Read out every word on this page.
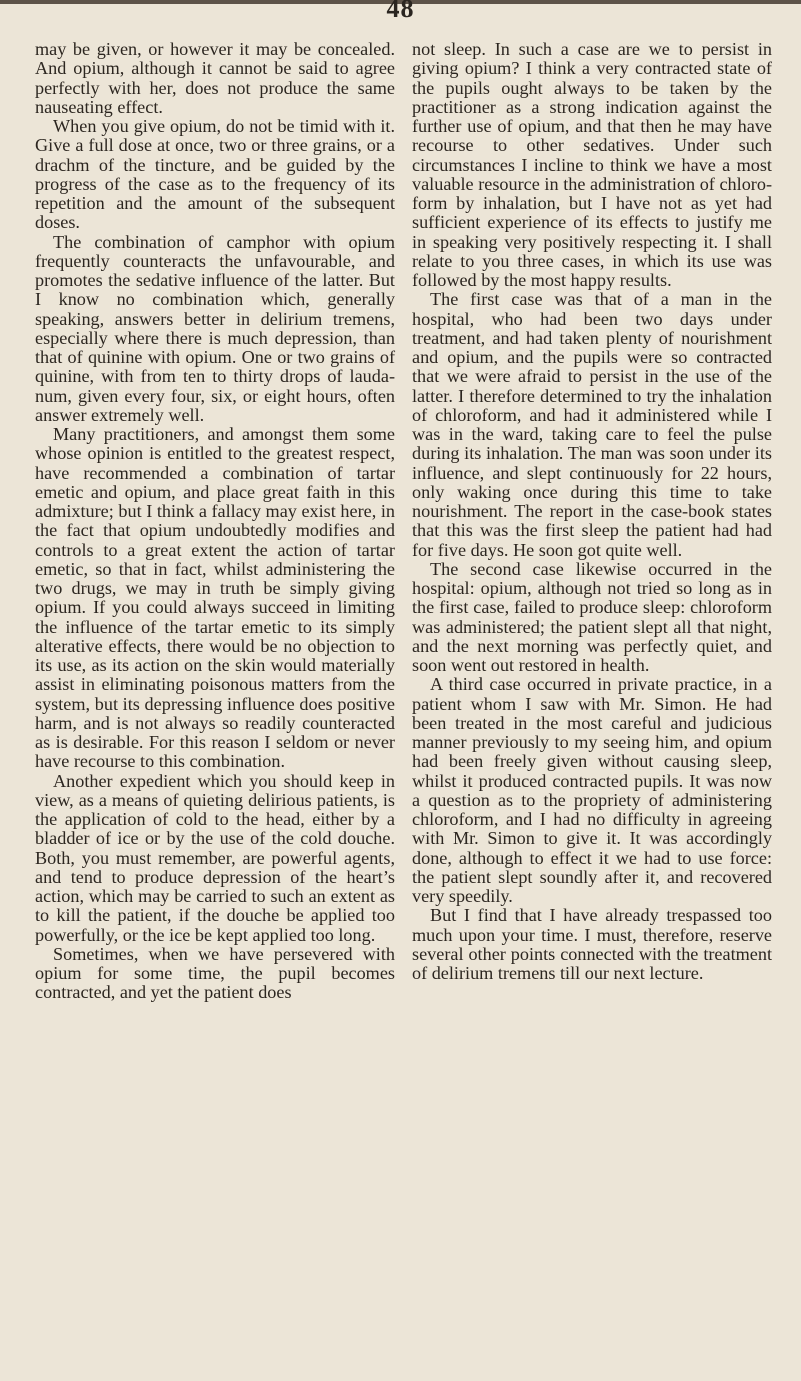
48

may be given, or however it may be concealed. And opium, although it cannot be said to agree perfectly with her, does not produce the same nauseating effect.

When you give opium, do not be timid with it. Give a full dose at once, two or three grains, or a drachm of the tincture, and be guided by the progress of the case as to the frequency of its repetition and the amount of the subsequent doses.

The combination of camphor with opium frequently counteracts the unfavourable, and promotes the sedative influence of the latter. But I know no combination which, generally speaking, answers better in delirium tremens, especially where there is much depression, than that of quinine with opium. One or two grains of quinine, with from ten to thirty drops of laudanum, given every four, six, or eight hours, often answer extremely well.

Many practitioners, and amongst them some whose opinion is entitled to the greatest respect, have recommended a combination of tartar emetic and opium, and place great faith in this admixture; but I think a fallacy may exist here, in the fact that opium undoubtedly modifies and controls to a great extent the action of tartar emetic, so that in fact, whilst administering the two drugs, we may in truth be simply giving opium. If you could always succeed in limiting the influence of the tartar emetic to its simply alterative effects, there would be no objection to its use, as its action on the skin would materially assist in eliminating poisonous matters from the system, but its depressing influence does positive harm, and is not always so readily counteracted as is desirable. For this reason I seldom or never have recourse to this combination.

Another expedient which you should keep in view, as a means of quieting delirious patients, is the application of cold to the head, either by a bladder of ice or by the use of the cold douche. Both, you must remember, are powerful agents, and tend to produce depression of the heart’s action, which may be carried to such an extent as to kill the patient, if the douche be applied too powerfully, or the ice be kept applied too long.

Sometimes, when we have persevered with opium for some time, the pupil becomes contracted, and yet the patient does

not sleep. In such a case are we to persist in giving opium? I think a very contracted state of the pupils ought always to be taken by the practitioner as a strong indication against the further use of opium, and that then he may have recourse to other sedatives. Under such circumstances I incline to think we have a most valuable resource in the administration of chloroform by inhalation, but I have not as yet had sufficient experience of its effects to justify me in speaking very positively respecting it. I shall relate to you three cases, in which its use was followed by the most happy results.

The first case was that of a man in the hospital, who had been two days under treatment, and had taken plenty of nourishment and opium, and the pupils were so contracted that we were afraid to persist in the use of the latter. I therefore determined to try the inhalation of chloroform, and had it administered while I was in the ward, taking care to feel the pulse during its inhalation. The man was soon under its influence, and slept continuously for 22 hours, only waking once during this time to take nourishment. The report in the case-book states that this was the first sleep the patient had had for five days. He soon got quite well.

The second case likewise occurred in the hospital: opium, although not tried so long as in the first case, failed to produce sleep: chloroform was administered; the patient slept all that night, and the next morning was perfectly quiet, and soon went out restored in health.

A third case occurred in private practice, in a patient whom I saw with Mr. Simon. He had been treated in the most careful and judicious manner previously to my seeing him, and opium had been freely given without causing sleep, whilst it produced contracted pupils. It was now a question as to the propriety of administering chloroform, and I had no difficulty in agreeing with Mr. Simon to give it. It was accordingly done, although to effect it we had to use force: the patient slept soundly after it, and recovered very speedily.

But I find that I have already trespassed too much upon your time. I must, therefore, reserve several other points connected with the treatment of delirium tremens till our next lecture.
